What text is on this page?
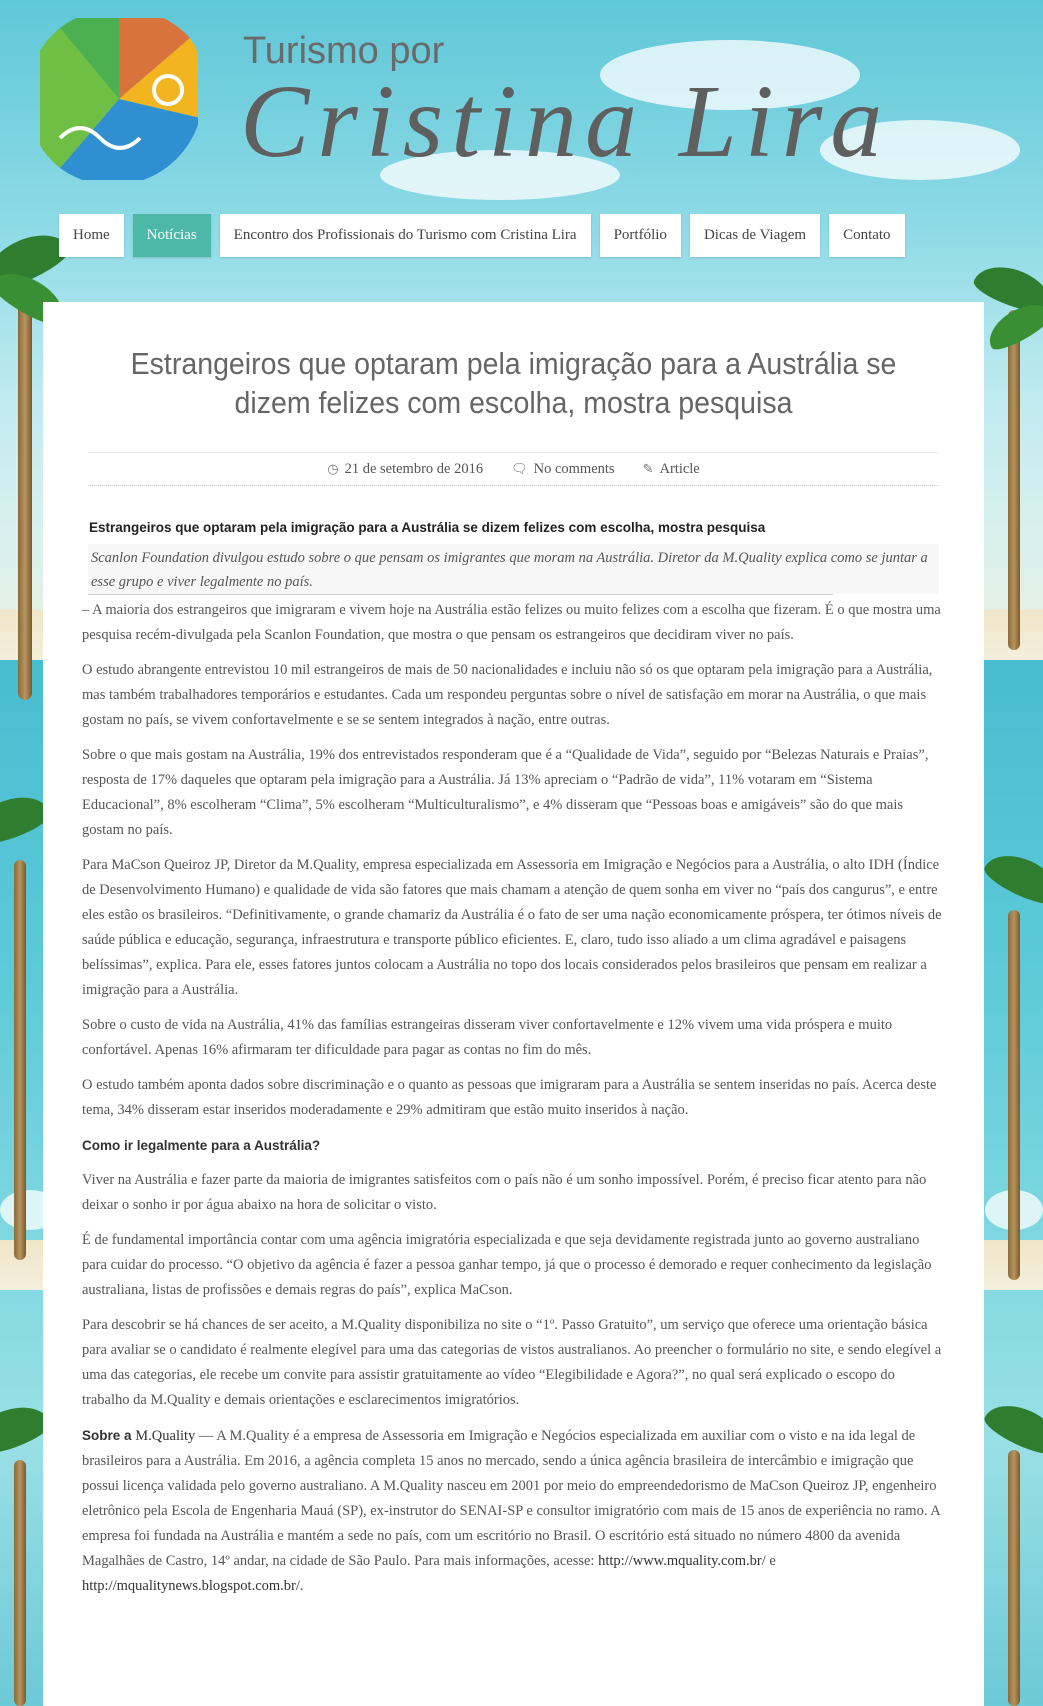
Turismo por
Cristina Lira
Home	Notícias	Encontro dos Profissionais do Turismo com Cristina Lira	Portfólio	Dicas de Viagem	Contato
Estrangeiros que optaram pela imigração para a Austrália se dizem felizes com escolha, mostra pesquisa
◷ 21 de setembro de 2016 🗨 No comments ✎ Article
Estrangeiros que optaram pela imigração para a Austrália se dizem felizes com escolha, mostra pesquisa
Scanlon Foundation divulgou estudo sobre o que pensam os imigrantes que moram na Austrália. Diretor da M.Quality explica como se juntar a esse grupo e viver legalmente no país.

– A maioria dos estrangeiros que imigraram e vivem hoje na Austrália estão felizes ou muito felizes com a escolha que fizeram. É o que mostra uma pesquisa recém-divulgada pela Scanlon Foundation, que mostra o que pensam os estrangeiros que decidiram viver no país.

O estudo abrangente entrevistou 10 mil estrangeiros de mais de 50 nacionalidades e incluiu não só os que optaram pela imigração para a Austrália, mas também trabalhadores temporários e estudantes. Cada um respondeu perguntas sobre o nível de satisfação em morar na Austrália, o que mais gostam no país, se vivem confortavelmente e se se sentem integrados à nação, entre outras.

Sobre o que mais gostam na Austrália, 19% dos entrevistados responderam que é a “Qualidade de Vida”, seguido por “Belezas Naturais e Praias”, resposta de 17% daqueles que optaram pela imigração para a Austrália. Já 13% apreciam o “Padrão de vida”, 11% votaram em “Sistema Educacional”, 8% escolheram “Clima”, 5% escolheram “Multiculturalismo”, e 4% disseram que “Pessoas boas e amigáveis” são do que mais gostam no país.

Para MaCson Queiroz JP, Diretor da M.Quality, empresa especializada em Assessoria em Imigração e Negócios para a Austrália, o alto IDH (Índice de Desenvolvimento Humano) e qualidade de vida são fatores que mais chamam a atenção de quem sonha em viver no “país dos cangurus”, e entre eles estão os brasileiros. “Definitivamente, o grande chamariz da Austrália é o fato de ser uma nação economicamente próspera, ter ótimos níveis de saúde pública e educação, segurança, infraestrutura e transporte público eficientes. E, claro, tudo isso aliado a um clima agradável e paisagens belíssimas”, explica. Para ele, esses fatores juntos colocam a Austrália no topo dos locais considerados pelos brasileiros que pensam em realizar a imigração para a Austrália.

Sobre o custo de vida na Austrália, 41% das famílias estrangeiras disseram viver confortavelmente e 12% vivem uma vida próspera e muito confortável. Apenas 16% afirmaram ter dificuldade para pagar as contas no fim do mês.

O estudo também aponta dados sobre discriminação e o quanto as pessoas que imigraram para a Austrália se sentem inseridas no país. Acerca deste tema, 34% disseram estar inseridos moderadamente e 29% admitiram que estão muito inseridos à nação.

Como ir legalmente para a Austrália?

Viver na Austrália e fazer parte da maioria de imigrantes satisfeitos com o país não é um sonho impossível. Porém, é preciso ficar atento para não deixar o sonho ir por água abaixo na hora de solicitar o visto.

É de fundamental importância contar com uma agência imigratória especializada e que seja devidamente registrada junto ao governo australiano para cuidar do processo. “O objetivo da agência é fazer a pessoa ganhar tempo, já que o processo é demorado e requer conhecimento da legislação australiana, listas de profissões e demais regras do país”, explica MaCson.

Para descobrir se há chances de ser aceito, a M.Quality disponibiliza no site o “1º. Passo Gratuito”, um serviço que oferece uma orientação básica para avaliar se o candidato é realmente elegível para uma das categorias de vistos australianos. Ao preencher o formulário no site, e sendo elegível a uma das categorias, ele recebe um convite para assistir gratuitamente ao vídeo “Elegibilidade e Agora?”, no qual será explicado o escopo do trabalho da M.Quality e demais orientações e esclarecimentos imigratórios.

Sobre a M.Quality — A M.Quality é a empresa de Assessoria em Imigração e Negócios especializada em auxiliar com o visto e na ida legal de brasileiros para a Austrália. Em 2016, a agência completa 15 anos no mercado, sendo a única agência brasileira de intercâmbio e imigração que possui licença validada pelo governo australiano. A M.Quality nasceu em 2001 por meio do empreendedorismo de MaCson Queiroz JP, engenheiro eletrônico pela Escola de Engenharia Mauá (SP), ex-instrutor do SENAI-SP e consultor imigratório com mais de 15 anos de experiência no ramo. A empresa foi fundada na Austrália e mantém a sede no país, com um escritório no Brasil. O escritório está situado no número 4800 da avenida Magalhães de Castro, 14º andar, na cidade de São Paulo. Para mais informações, acesse: http://www.mquality.com.br/ e http://mqualitynews.blogspot.com.br/.
